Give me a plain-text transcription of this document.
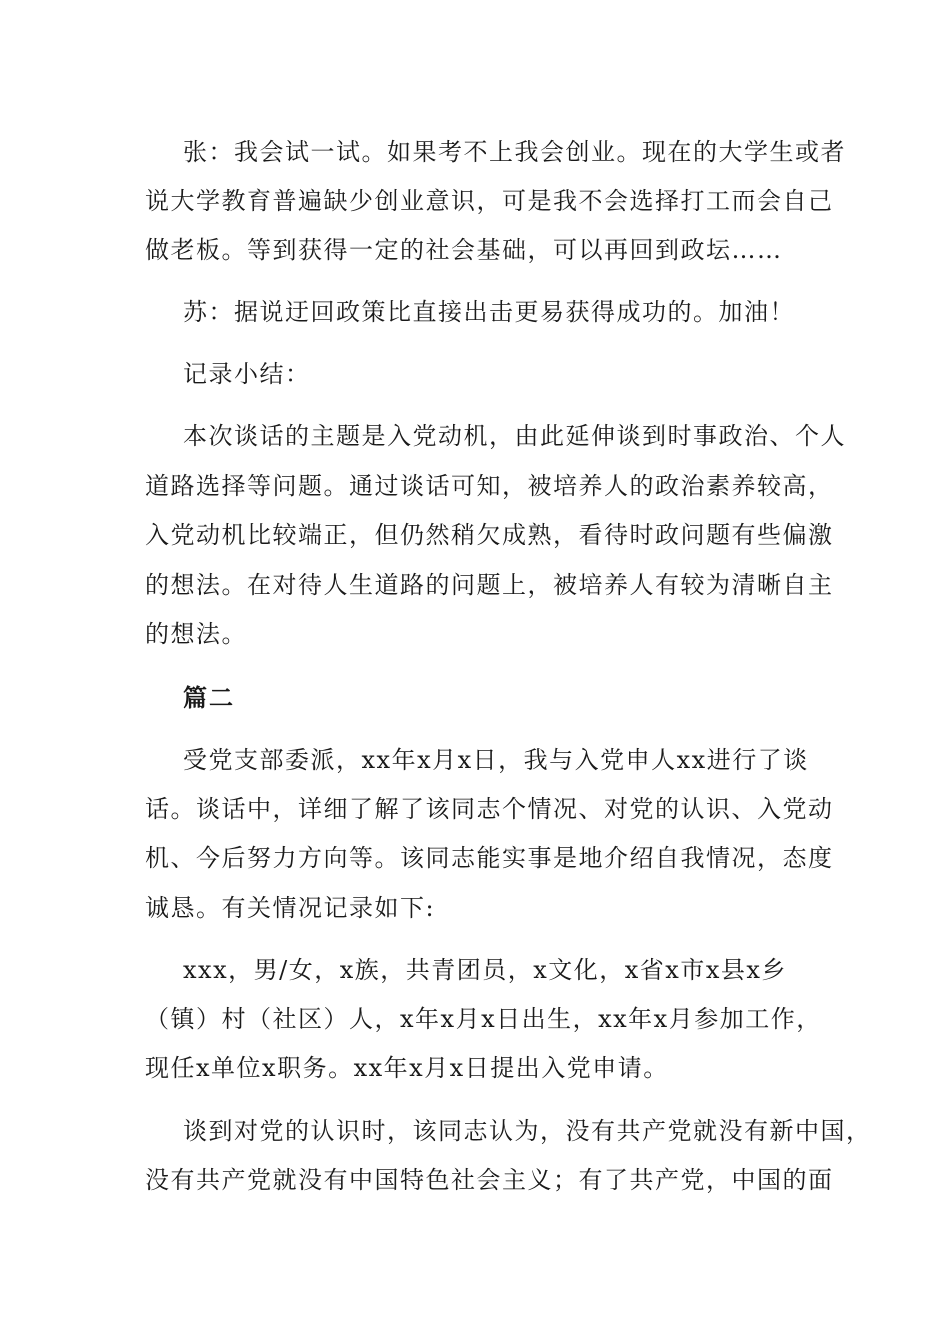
张：我会试一试。如果考不上我会创业。现在的大学生或者
说大学教育普遍缺少创业意识，可是我不会选择打工而会自己
做老板。等到获得一定的社会基础，可以再回到政坛……
苏：据说迂回政策比直接出击更易获得成功的。加油！
记录小结：
本次谈话的主题是入党动机，由此延伸谈到时事政治、个人
道路选择等问题。通过谈话可知，被培养人的政治素养较高，
入党动机比较端正，但仍然稍欠成熟，看待时政问题有些偏激
的想法。在对待人生道路的问题上，被培养人有较为清晰自主
的想法。
篇二
受党支部委派，xx年x月x日，我与入党申人xx进行了谈
话。谈话中，详细了解了该同志个情况、对党的认识、入党动
机、今后努力方向等。该同志能实事是地介绍自我情况，态度
诚恳。有关情况记录如下:
xxx，男/女，x族，共青团员，x文化，x省x市x县x乡
（镇）村（社区）人，x年x月x日出生，xx年x月参加工作，
现任x单位x职务。xx年x月x日提出入党申请。
谈到对党的认识时，该同志认为，没有共产党就没有新中国，
没有共产党就没有中国特色社会主义；有了共产党，中国的面
